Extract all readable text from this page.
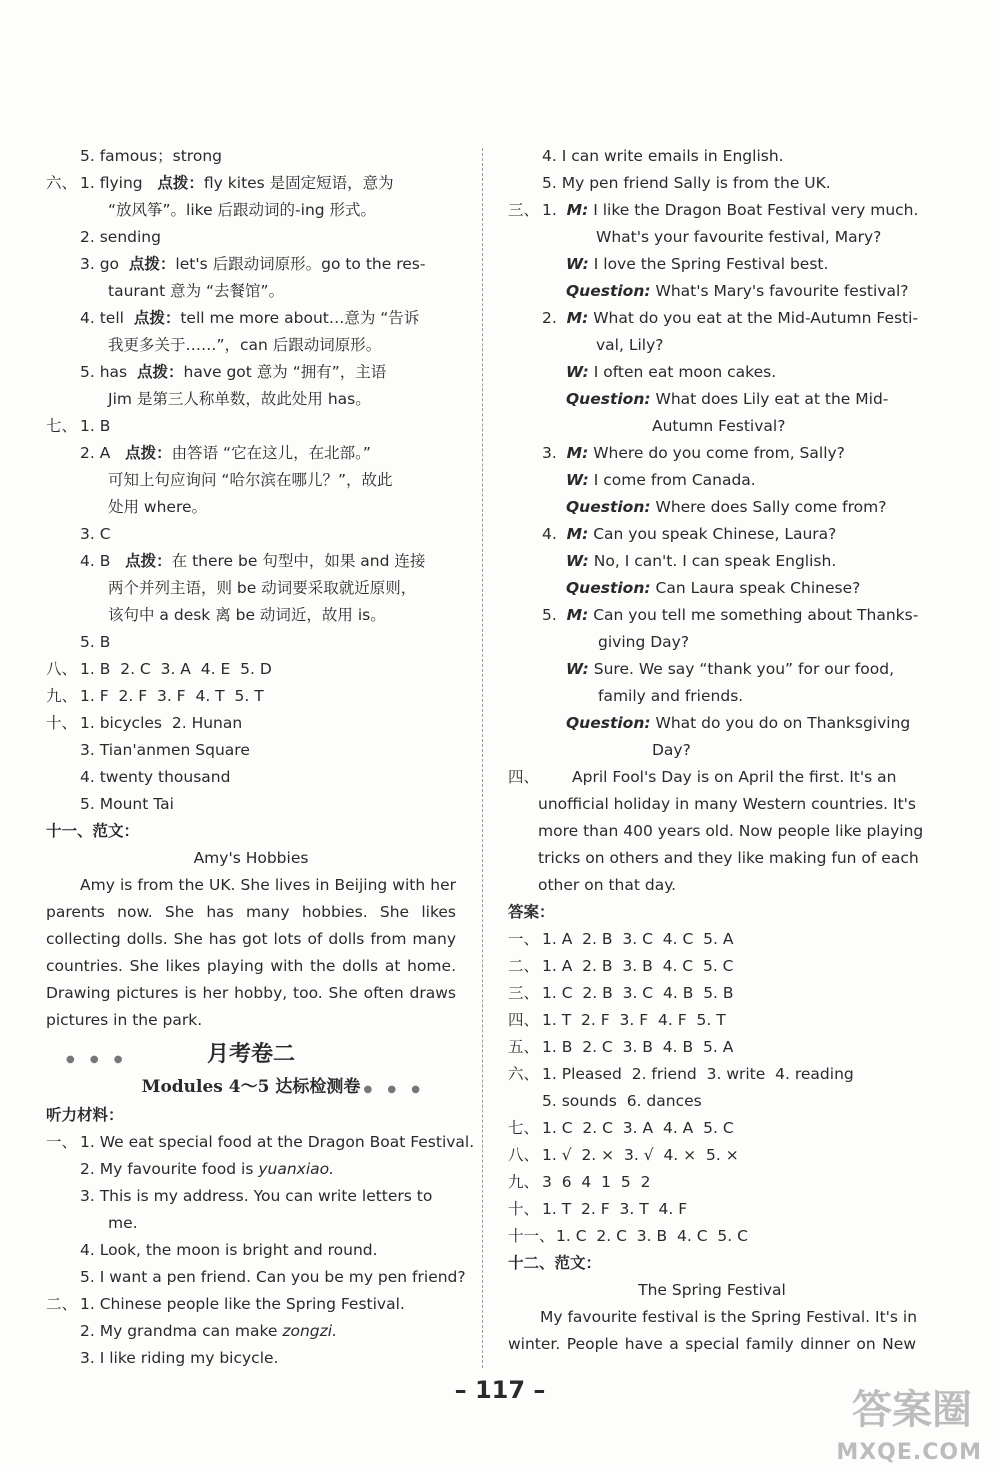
5. famous；strong
六、 1. flying 点拨：fly kites 是固定短语，意为
“放风筝”。like 后跟动词的-ing 形式。
2. sending
3. go 点拨：let's 后跟动词原形。go to the res-
taurant 意为 “去餐馆”。
4. tell 点拨：tell me more about…意为 “告诉
我更多关于……”，can 后跟动词原形。
5. has 点拨：have got 意为 “拥有”，主语
Jim 是第三人称单数，故此处用 has。
七、 1. B
2. A 点拨：由答语 “它在这儿，在北部。”
可知上句应询问 “哈尔滨在哪儿？”，故此
处用 where。
3. C
4. B 点拨：在 there be 句型中，如果 and 连接
两个并列主语，则 be 动词要采取就近原则，
该句中 a desk 离 be 动词近，故用 is。
5. B
八、 1. B  2. C  3. A  4. E  5. D
九、 1. F  2. F  3. F  4. T  5. T
十、 1. bicycles  2. Hunan
3. Tian'anmen Square
4. twenty thousand
5. Mount Tai
十一、范文：
Amy's Hobbies
Amy is from the UK. She lives in Beijing with her
parents now. She has many hobbies. She likes
collecting dolls. She has got lots of dolls from many
countries. She likes playing with the dolls at home.
Drawing pictures is her hobby, too. She often draws
pictures in the park.
● ● ●
● ● ●
月考卷二
Modules 4～5 达标检测卷
听力材料：
一、 1. We eat special food at the Dragon Boat Festival.
2. My favourite food is yuanxiao.
3. This is my address. You can write letters to
me.
4. Look, the moon is bright and round.
5. I want a pen friend. Can you be my pen friend?
二、 1. Chinese people like the Spring Festival.
2. My grandma can make zongzi.
3. I like riding my bicycle.
4. I can write emails in English.
5. My pen friend Sally is from the UK.
三、 1. M: I like the Dragon Boat Festival very much.
What's your favourite festival, Mary?
W: I love the Spring Festival best.
Question: What's Mary's favourite festival?
2. M: What do you eat at the Mid-Autumn Festi-
val, Lily?
W: I often eat moon cakes.
Question: What does Lily eat at the Mid-
Autumn Festival?
3. M: Where do you come from, Sally?
W: I come from Canada.
Question: Where does Sally come from?
4. M: Can you speak Chinese, Laura?
W: No, I can't. I can speak English.
Question: Can Laura speak Chinese?
5. M: Can you tell me something about Thanks-
giving Day?
W: Sure. We say “thank you” for our food,
family and friends.
Question: What do you do on Thanksgiving
Day?
四、 April Fool's Day is on April the first. It's an
unofficial holiday in many Western countries. It's
more than 400 years old. Now people like playing
tricks on others and they like making fun of each
other on that day.
答案：
一、 1. A  2. B  3. C  4. C  5. A
二、 1. A  2. B  3. B  4. C  5. C
三、 1. C  2. B  3. C  4. B  5. B
四、 1. T  2. F  3. F  4. F  5. T
五、 1. B  2. C  3. B  4. B  5. A
六、 1. Pleased  2. friend  3. write  4. reading
5. sounds  6. dances
七、 1. C  2. C  3. A  4. A  5. C
八、 1. √  2. ×  3. √  4. ×  5. ×
九、 3  6  4  1  5  2
十、 1. T  2. F  3. T  4. F
十一、1. C  2. C  3. B  4. C  5. C
十二、范文：
The Spring Festival
My favourite festival is the Spring Festival. It's in
winter. People have a special family dinner on New
– 117 –	答案圈
MXQE.COM
